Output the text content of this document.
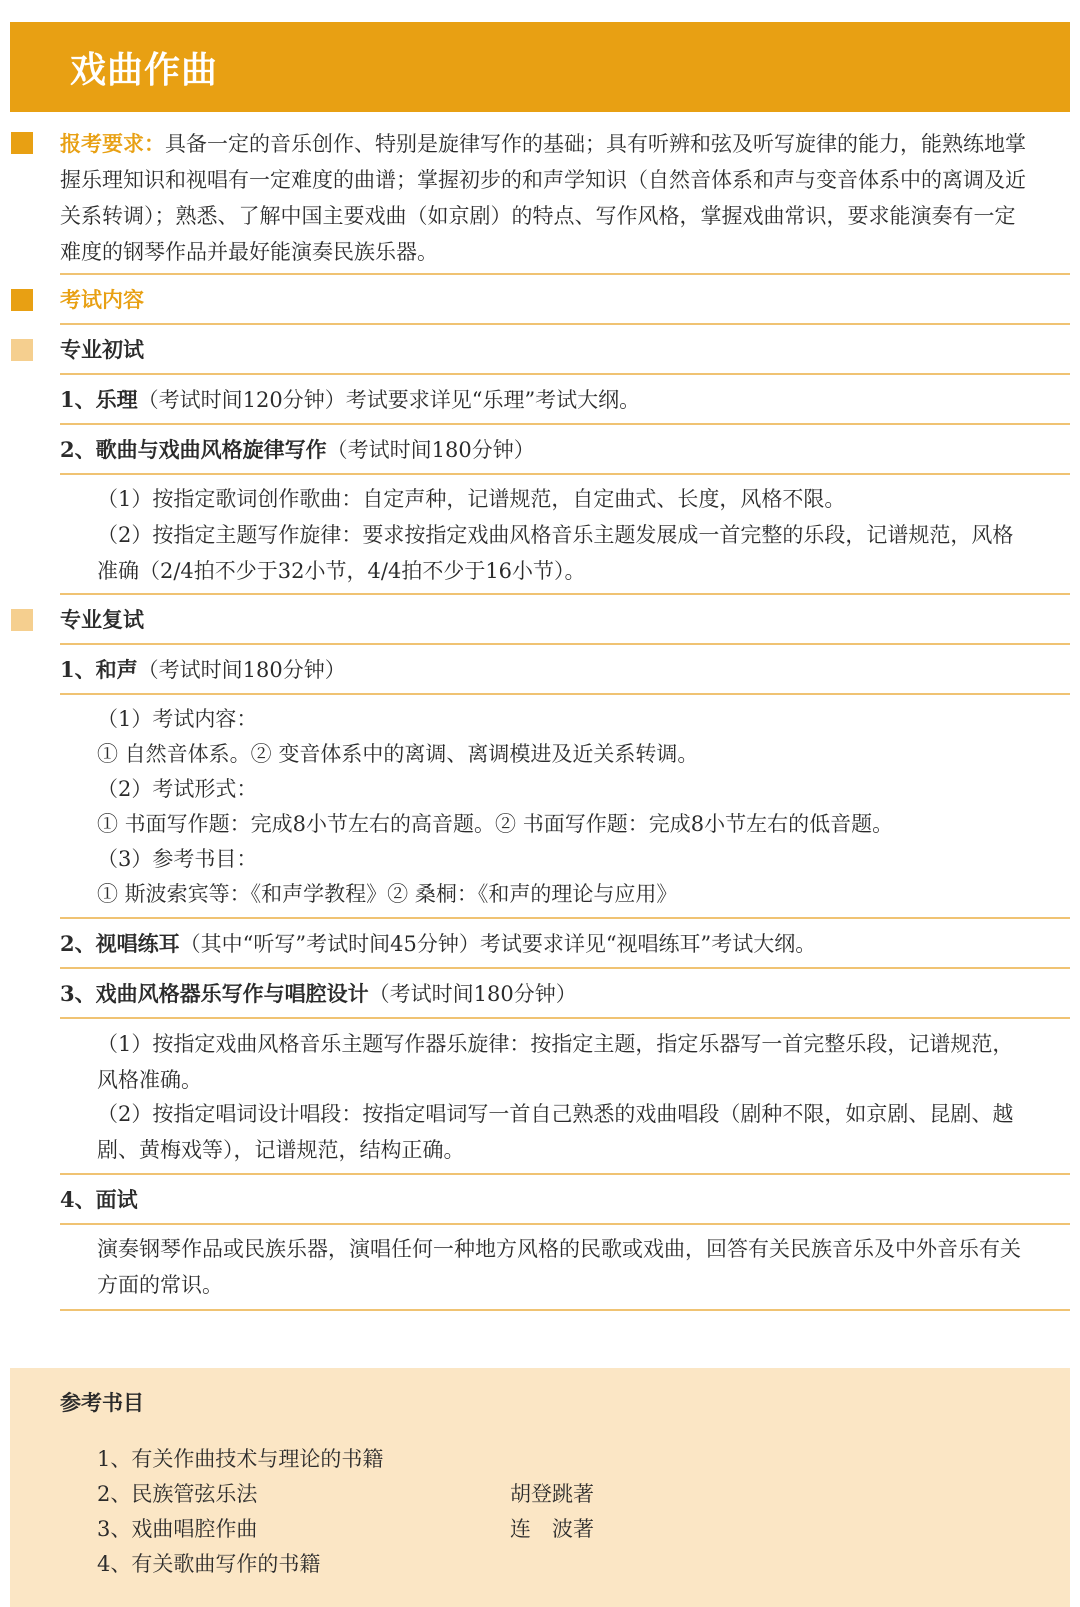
戏曲作曲
报考要求：具备一定的音乐创作、特别是旋律写作的基础；具有听辨和弦及听写旋律的能力，能熟练地掌握乐理知识和视唱有一定难度的曲谱；掌握初步的和声学知识（自然音体系和声与变音体系中的离调及近关系转调）；熟悉、了解中国主要戏曲（如京剧）的特点、写作风格，掌握戏曲常识，要求能演奏有一定难度的钢琴作品并最好能演奏民族乐器。
考试内容
专业初试
1、乐理（考试时间120分钟）考试要求详见“乐理”考试大纲。
2、歌曲与戏曲风格旋律写作（考试时间180分钟）
（1）按指定歌词创作歌曲：自定声种，记谱规范，自定曲式、长度，风格不限。
（2）按指定主题写作旋律：要求按指定戏曲风格音乐主题发展成一首完整的乐段，记谱规范，风格准确（2/4拍不少于32小节，4/4拍不少于16小节）。
专业复试
1、和声（考试时间180分钟）
（1）考试内容：
① 自然音体系。② 变音体系中的离调、离调模进及近关系转调。
（2）考试形式：
① 书面写作题：完成8小节左右的高音题。② 书面写作题：完成8小节左右的低音题。
（3）参考书目：
① 斯波索宾等：《和声学教程》② 桑桐：《和声的理论与应用》
2、视唱练耳（其中“听写”考试时间45分钟）考试要求详见“视唱练耳”考试大纲。
3、戏曲风格器乐写作与唱腔设计（考试时间180分钟）
（1）按指定戏曲风格音乐主题写作器乐旋律：按指定主题，指定乐器写一首完整乐段，记谱规范，风格准确。
（2）按指定唱词设计唱段：按指定唱词写一首自己熟悉的戏曲唱段（剧种不限，如京剧、昆剧、越剧、黄梅戏等），记谱规范，结构正确。
4、面试
演奏钢琴作品或民族乐器，演唱任何一种地方风格的民歌或戏曲，回答有关民族音乐及中外音乐有关方面的常识。
参考书目
1、有关作曲技术与理论的书籍
2、民族管弦乐法	胡登跳著
3、戏曲唱腔作曲	连　波著
4、有关歌曲写作的书籍
